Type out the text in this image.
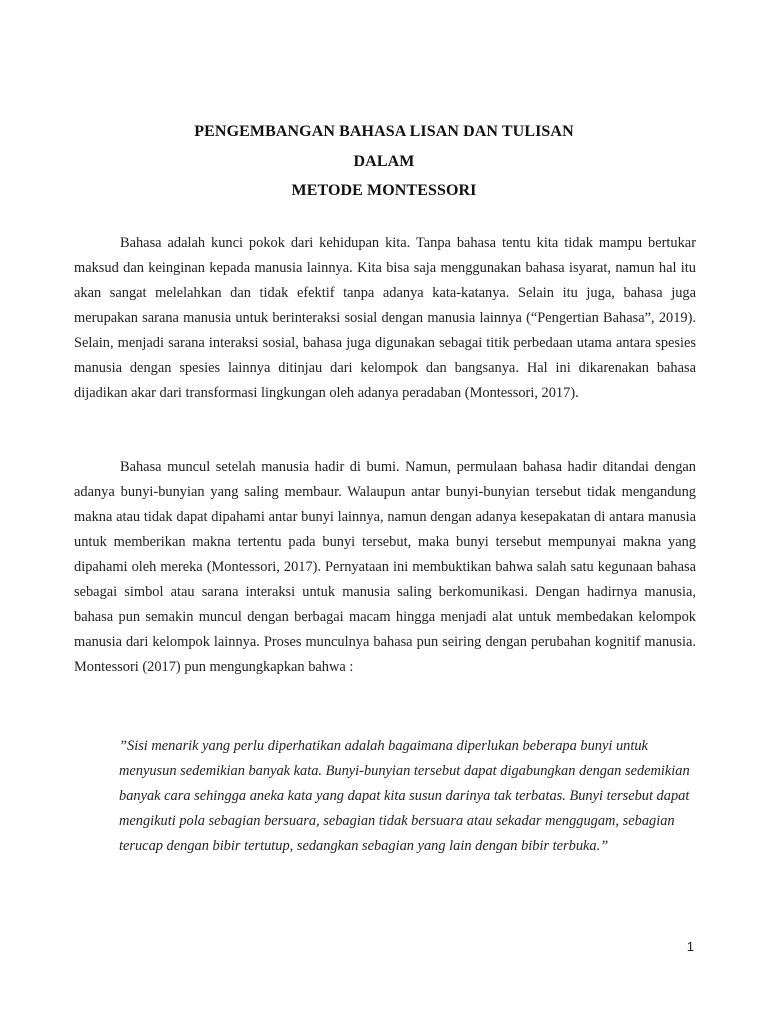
PENGEMBANGAN BAHASA LISAN DAN TULISAN
DALAM
METODE MONTESSORI

Bahasa adalah kunci pokok dari kehidupan kita. Tanpa bahasa tentu kita tidak mampu bertukar maksud dan keinginan kepada manusia lainnya. Kita bisa saja menggunakan bahasa isyarat, namun hal itu akan sangat melelahkan dan tidak efektif tanpa adanya kata-katanya. Selain itu juga, bahasa juga merupakan sarana manusia untuk berinteraksi sosial dengan manusia lainnya (“Pengertian Bahasa”, 2019). Selain, menjadi sarana interaksi sosial, bahasa juga digunakan sebagai titik perbedaan utama antara spesies manusia dengan spesies lainnya ditinjau dari kelompok dan bangsanya. Hal ini dikarenakan bahasa dijadikan akar dari transformasi lingkungan oleh adanya peradaban (Montessori, 2017).

Bahasa muncul setelah manusia hadir di bumi. Namun, permulaan bahasa hadir ditandai dengan adanya bunyi-bunyian yang saling membaur. Walaupun antar bunyi-bunyian tersebut tidak mengandung makna atau tidak dapat dipahami antar bunyi lainnya, namun dengan adanya kesepakatan di antara manusia untuk memberikan makna tertentu pada bunyi tersebut, maka bunyi tersebut mempunyai makna yang dipahami oleh mereka (Montessori, 2017). Pernyataan ini membuktikan bahwa salah satu kegunaan bahasa sebagai simbol atau sarana interaksi untuk manusia saling berkomunikasi. Dengan hadirnya manusia, bahasa pun semakin muncul dengan berbagai macam hingga menjadi alat untuk membedakan kelompok manusia dari kelompok lainnya. Proses munculnya bahasa pun seiring dengan perubahan kognitif manusia. Montessori (2017) pun mengungkapkan bahwa :

”Sisi menarik yang perlu diperhatikan adalah bagaimana diperlukan beberapa bunyi untuk menyusun sedemikian banyak kata. Bunyi-bunyian tersebut dapat digabungkan dengan sedemikian banyak cara sehingga aneka kata yang dapat kita susun darinya tak terbatas. Bunyi tersebut dapat mengikuti pola sebagian bersuara, sebagian tidak bersuara atau sekadar menggugam, sebagian terucap dengan bibir tertutup, sedangkan sebagian yang lain dengan bibir terbuka.”

1
